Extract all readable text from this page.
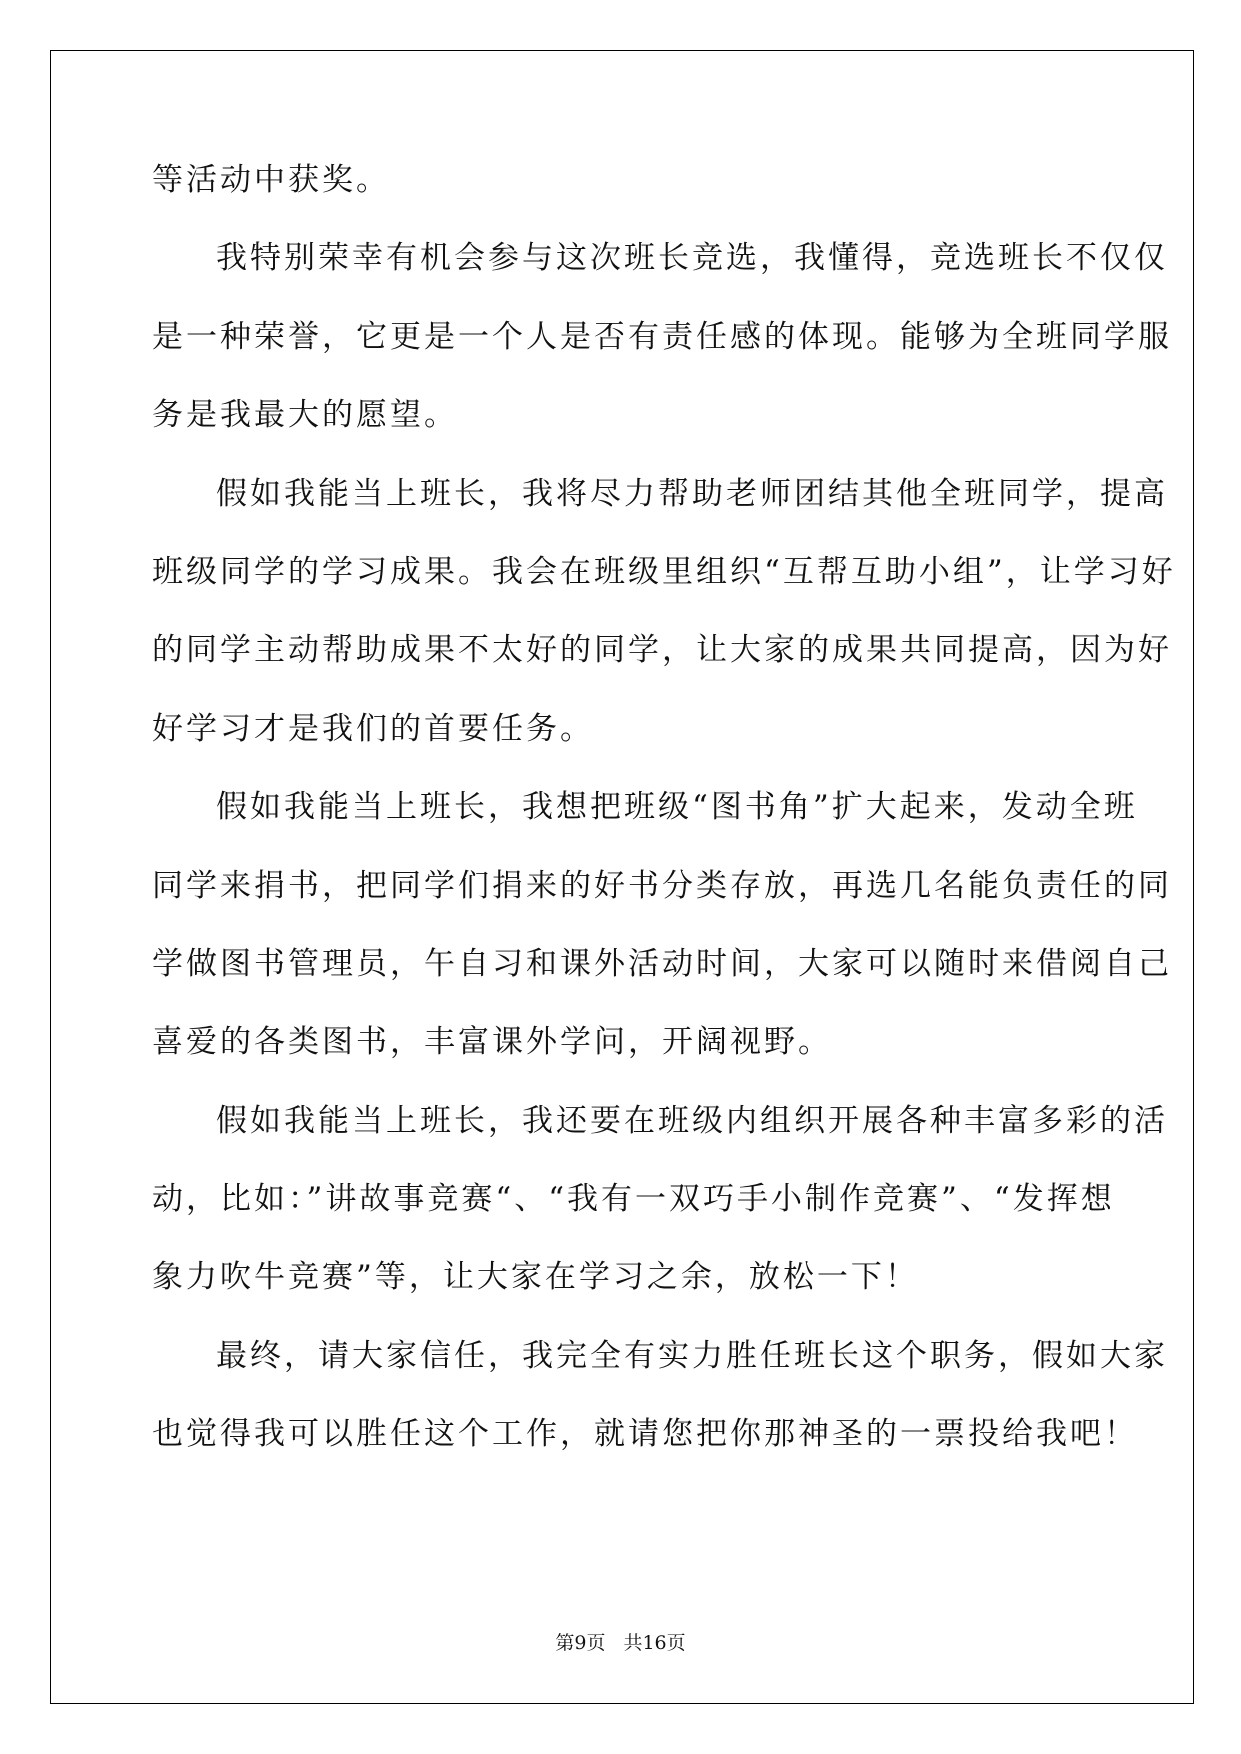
等活动中获奖。
我特别荣幸有机会参与这次班长竞选，我懂得，竞选班长不仅仅
是一种荣誉，它更是一个人是否有责任感的体现。能够为全班同学服
务是我最大的愿望。
假如我能当上班长，我将尽力帮助老师团结其他全班同学，提高
班级同学的学习成果。我会在班级里组织“互帮互助小组”，让学习好
的同学主动帮助成果不太好的同学，让大家的成果共同提高，因为好
好学习才是我们的首要任务。
假如我能当上班长，我想把班级“图书角”扩大起来，发动全班
同学来捐书，把同学们捐来的好书分类存放，再选几名能负责任的同
学做图书管理员，午自习和课外活动时间，大家可以随时来借阅自己
喜爱的各类图书，丰富课外学问，开阔视野。
假如我能当上班长，我还要在班级内组织开展各种丰富多彩的活
动，比如：”讲故事竞赛“、“我有一双巧手小制作竞赛”、“发挥想
象力吹牛竞赛”等，让大家在学习之余，放松一下！
最终，请大家信任，我完全有实力胜任班长这个职务，假如大家
也觉得我可以胜任这个工作，就请您把你那神圣的一票投给我吧！
第9页 共16页
